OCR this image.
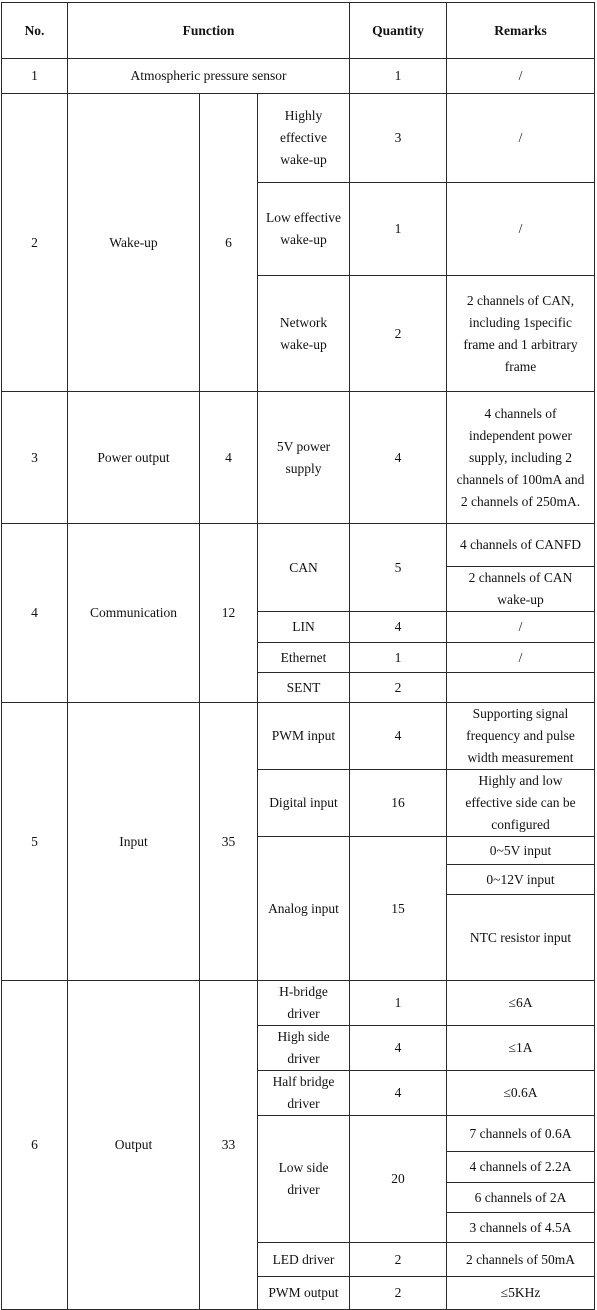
No.	Function			Quantity	Remarks
1	Atmospheric pressure sensor			1	/
2	Wake-up	6	Highly effective wake-up	3	/
			Low effective wake-up	1	/
			Network wake-up	2	2 channels of CAN, including 1specific frame and 1 arbitrary frame
3	Power output	4	5V power supply	4	4 channels of independent power supply, including 2 channels of 100mA and 2 channels of 250mA.
4	Communication	12	CAN	5	4 channels of CANFD
					2 channels of CAN wake-up
			LIN	4	/
			Ethernet	1	/
			SENT	2	
5	Input	35	PWM input	4	Supporting signal frequency and pulse width measurement
			Digital input	16	Highly and low effective side can be configured
			Analog input	15	0~5V input
					0~12V input
					NTC resistor input
6	Output	33	H-bridge driver	1	≤6A
			High side driver	4	≤1A
			Half bridge driver	4	≤0.6A
			Low side driver	20	7 channels of 0.6A
					4 channels of 2.2A
					6 channels of 2A
					3 channels of 4.5A
			LED driver	2	2 channels of 50mA
			PWM output	2	≤5KHz
